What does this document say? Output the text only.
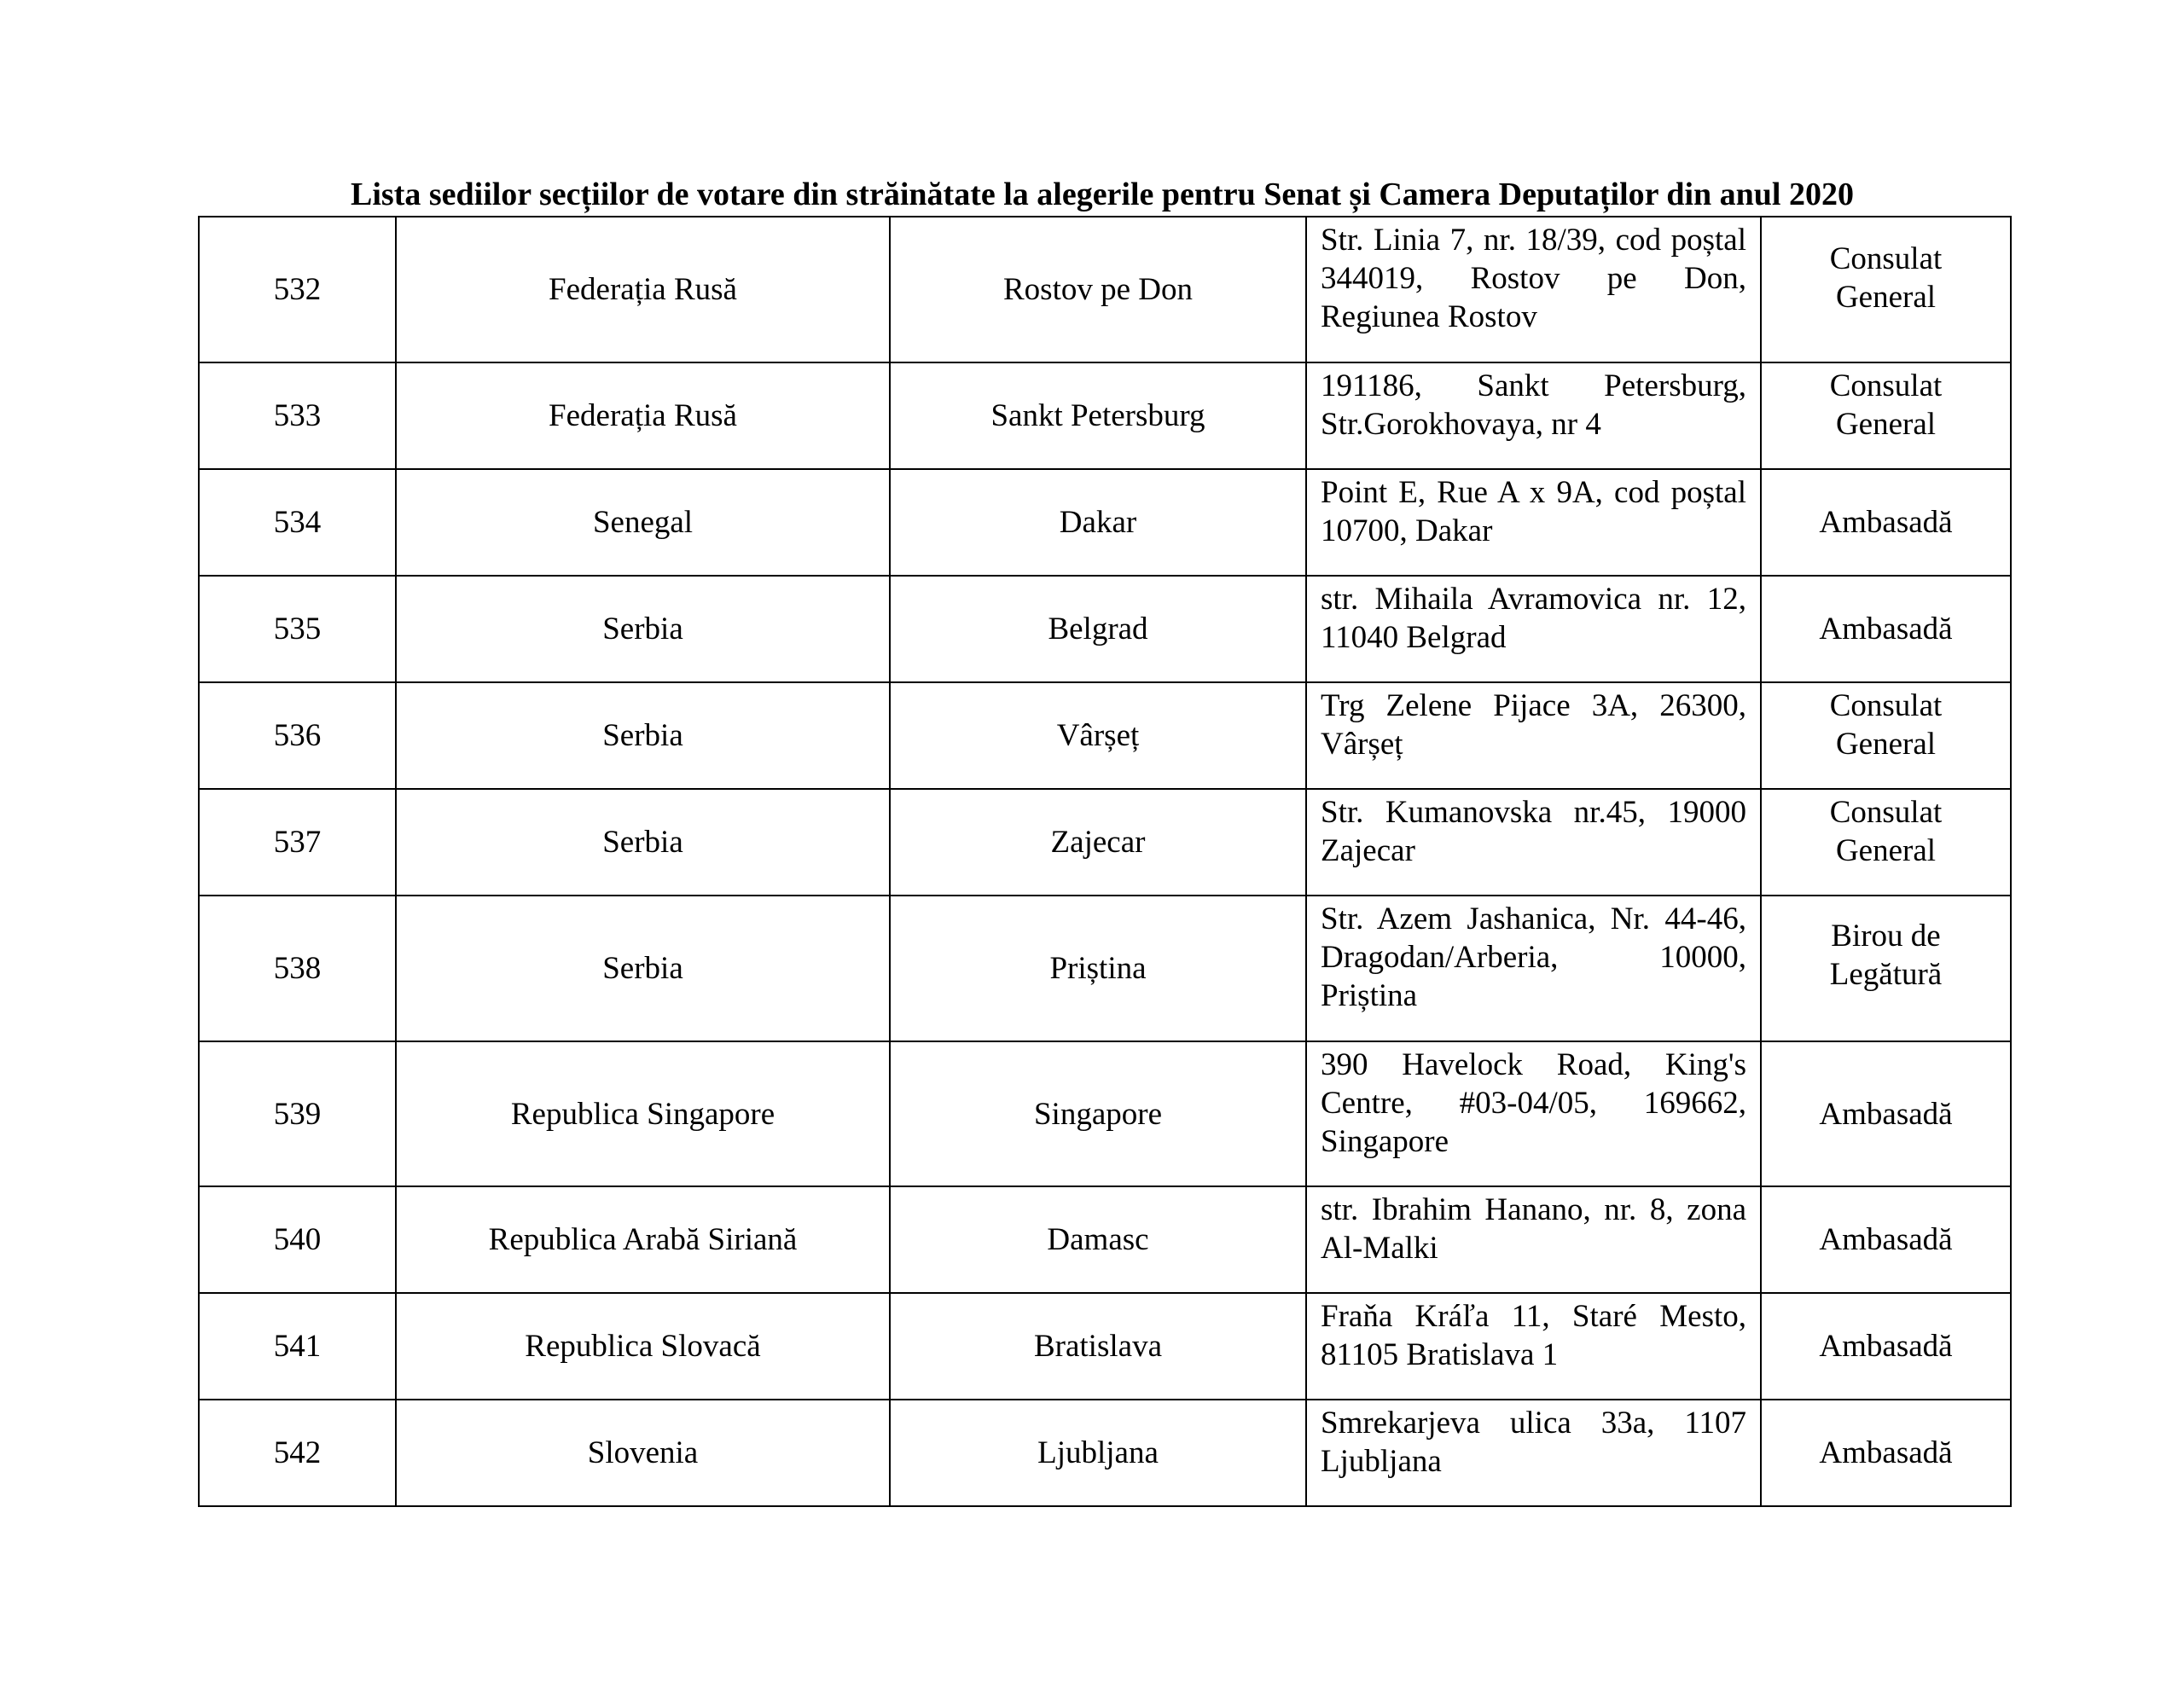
Lista sediilor secțiilor de votare din străinătate la alegerile pentru Senat și Camera Deputaților din anul 2020
532	Federația Rusă	Rostov pe Don	Str. Linia 7, nr. 18/39, cod poștal 344019, Rostov pe Don, Regiunea Rostov	Consulat
General

533	Federația Rusă	Sankt Petersburg	191186, Sankt Petersburg, Str.Gorokhovaya, nr 4	Consulat
General

534	Senegal	Dakar	Point E, Rue A x 9A, cod poștal 10700, Dakar	Ambasadă

535	Serbia	Belgrad	str. Mihaila Avramovica nr. 12, 11040 Belgrad	Ambasadă

536	Serbia	Vârșeț	Trg Zelene Pijace 3A, 26300, Vârșeț	Consulat
General

537	Serbia	Zajecar	Str. Kumanovska nr.45, 19000 Zajecar	Consulat
General

538	Serbia	Priștina	Str. Azem Jashanica, Nr. 44-46, Dragodan/Arberia, 10000, Priștina	Birou de
Legătură

539	Republica Singapore	Singapore	390 Havelock Road, King's Centre, #03-04/05, 169662, Singapore	Ambasadă

540	Republica Arabă Siriană	Damasc	str. Ibrahim Hanano, nr. 8, zona Al-Malki	Ambasadă

541	Republica Slovacă	Bratislava	Fraňa Kráľa 11, Staré Mesto, 81105 Bratislava 1	Ambasadă

542	Slovenia	Ljubljana	Smrekarjeva ulica 33a, 1107 Ljubljana	Ambasadă
